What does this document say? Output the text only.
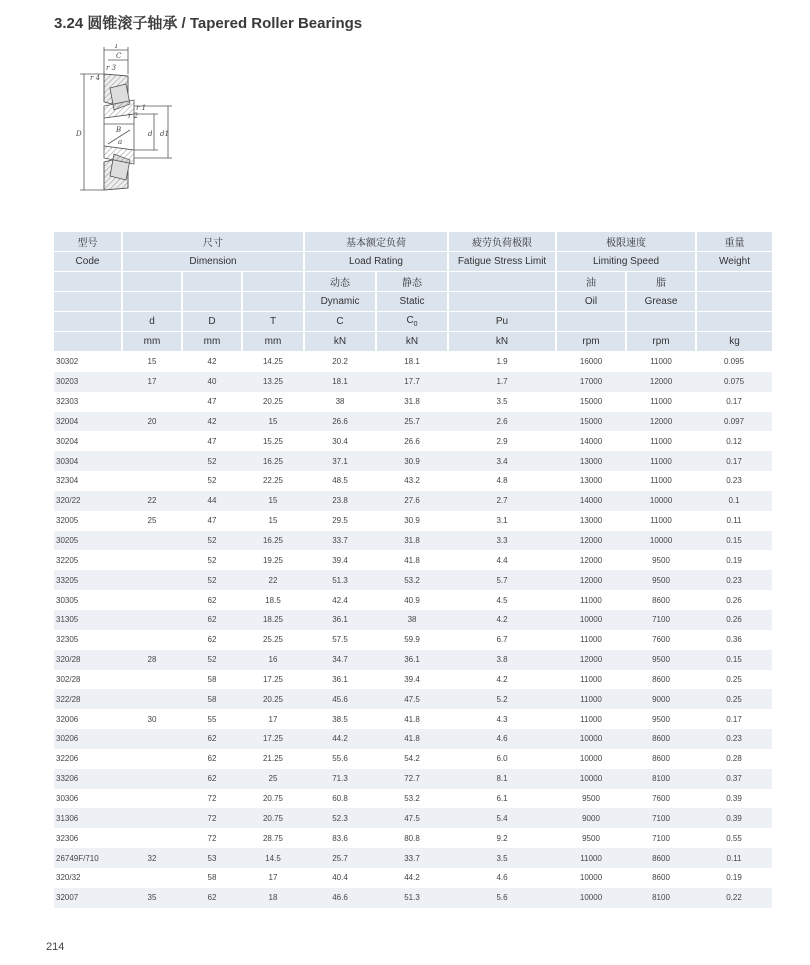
3.24 圆锥滚子轴承 / Tapered Roller Bearings
T
C
r 3
r 4
r 1
r 2
B
a
D	d d1
型号	尺寸			基本额定负荷		疲劳负荷极限	极限速度		重量
Code	Dimension			Load Rating		Fatigue Stress Limit	Limiting Speed		Weight
				动态	静态		油	脂	
				Dynamic	Static		Oil	Grease	
	d	D	T	C	$C_0$	Pu			
	mm	mm	mm	kN	kN	kN	rpm	rpm	kg
30302	15	42	14.25	20.2	18.1	1.9	16000	11000	0.095
30203	17	40	13.25	18.1	17.7	1.7	17000	12000	0.075
32303		47	20.25	38	31.8	3.5	15000	11000	0.17
32004	20	42	15	26.6	25.7	2.6	15000	12000	0.097
30204		47	15.25	30.4	26.6	2.9	14000	11000	0.12
30304		52	16.25	37.1	30.9	3.4	13000	11000	0.17
32304		52	22.25	48.5	43.2	4.8	13000	11000	0.23
320/22	22	44	15	23.8	27.6	2.7	14000	10000	0.1
32005	25	47	15	29.5	30.9	3.1	13000	11000	0.11
30205		52	16.25	33.7	31.8	3.3	12000	10000	0.15
32205		52	19.25	39.4	41.8	4.4	12000	9500	0.19
33205		52	22	51.3	53.2	5.7	12000	9500	0.23
30305		62	18.5	42.4	40.9	4.5	11000	8600	0.26
31305		62	18.25	36.1	38	4.2	10000	7100	0.26
32305		62	25.25	57.5	59.9	6.7	11000	7600	0.36
320/28	28	52	16	34.7	36.1	3.8	12000	9500	0.15
302/28		58	17.25	36.1	39.4	4.2	11000	8600	0.25
322/28		58	20.25	45.6	47.5	5.2	11000	9000	0.25
32006	30	55	17	38.5	41.8	4.3	11000	9500	0.17
30206		62	17.25	44.2	41.8	4.6	10000	8600	0.23
32206		62	21.25	55.6	54.2	6.0	10000	8600	0.28
33206		62	25	71.3	72.7	8.1	10000	8100	0.37
30306		72	20.75	60.8	53.2	6.1	9500	7600	0.39
31306		72	20.75	52.3	47.5	5.4	9000	7100	0.39
32306		72	28.75	83.6	80.8	9.2	9500	7100	0.55
26749F/710	32	53	14.5	25.7	33.7	3.5	11000	8600	0.11
320/32		58	17	40.4	44.2	4.6	10000	8600	0.19
32007	35	62	18	46.6	51.3	5.6	10000	8100	0.22
214
